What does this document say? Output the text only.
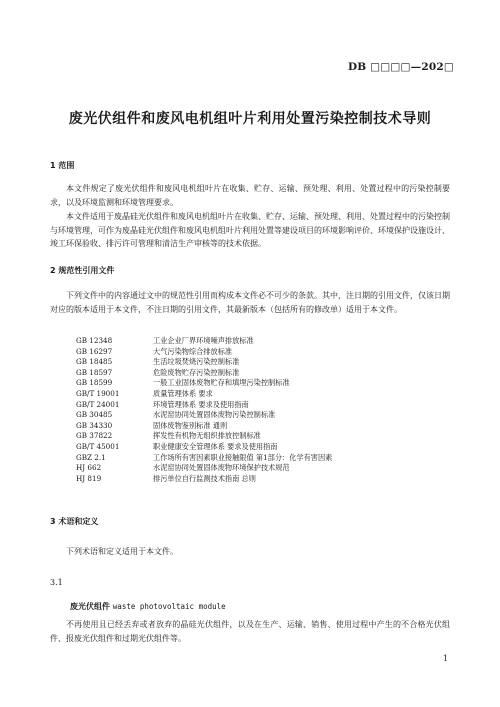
DB □□□□—202□
废光伏组件和废风电机组叶片利用处置污染控制技术导则
1 范围
本文件规定了废光伏组件和废风电机组叶片在收集、贮存、运输、预处理、利用、处置过程中的污染控制要求，以及环境监测和环境管理要求。
本文件适用于废晶硅光伏组件和废风电机组叶片在收集、贮存、运输、预处理、利用、处置过程中的污染控制与环境管理，可作为废晶硅光伏组件和废风电机组叶片利用处置等建设项目的环境影响评价、环境保护设施设计、竣工环保验收、排污许可管理和清洁生产审核等的技术依据。
2 规范性引用文件
下列文件中的内容通过文中的规范性引用而构成本文件必不可少的条款。其中，注日期的引用文件，仅该日期对应的版本适用于本文件，不注日期的引用文件，其最新版本（包括所有的修改单）适用于本文件。
GB 12348	工业企业厂界环境噪声排放标准
GB 16297	大气污染物综合排放标准
GB 18485	生活垃圾焚烧污染控制标准
GB 18597	危险废物贮存污染控制标准
GB 18599	一般工业固体废物贮存和填埋污染控制标准
GB/T 19001	质量管理体系 要求
GB/T 24001	环境管理体系 要求及使用指南
GB 30485	水泥窑协同处置固体废物污染控制标准
GB 34330	固体废物鉴别标准 通则
GB 37822	挥发性有机物无组织排放控制标准
GB/T 45001	职业健康安全管理体系 要求及使用指南
GBZ 2.1	工作场所有害因素职业接触限值 第1部分：化学有害因素
HJ 662	水泥窑协同处置固体废物环境保护技术规范
HJ 819	排污单位自行监测技术指南 总则
3 术语和定义
下列术语和定义适用于本文件。
3.1
废光伏组件 waste photovoltaic module
不再使用且已经丢弃或者放弃的晶硅光伏组件，以及在生产、运输、销售、使用过程中产生的不合格光伏组件、报废光伏组件和过期光伏组件等。
1
